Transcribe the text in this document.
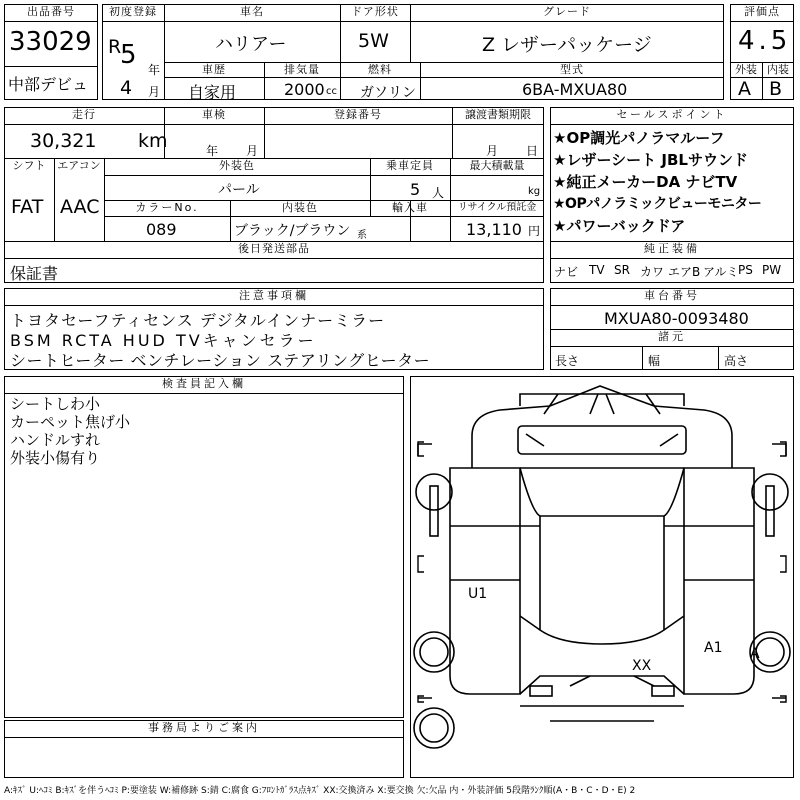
出品番号
33029
中部デビュ
初度登録
R
5 年
4 月
車名
ハリアー
ドア形状
5W
グレード
Z レザーパッケージ
車歴
自家用
排気量
2000 cc
燃料
ガソリン
型式
6BA-MXUA80
評価点
4.5
外装 内装
A B
走行
30,321 km
車検
年 月
登録番号	譲渡書類期限
月 日
シフト
FAT
エアコン
AAC
外装色
パール
乗車定員
5 人
最大積載量
kg
カラーNo.
089
内装色
ブラック/ブラウン 系
輸入車	リサイクル預託金
13,110 円
後日発送部品
保証書
セールスポイント
★OP調光パノラマルーフ
★レザーシート JBLサウンド
★純正メーカーDA ナビTV
★OPパノラミックビューモニター
★パワーバックドア
純正装備
ナビ TV SR カワ エアB アルミ PS PW
注意事項欄
トヨタセーフティセンス デジタルインナーミラー
BSM RCTA HUD TVキャンセラー
シートヒーター ベンチレーション ステアリングヒーター
車台番号
MXUA80-0093480
諸元
長さ	幅	高さ
検査員記入欄
シートしわ小
カーペット焦げ小
ハンドルすれ
外装小傷有り
事務局よりご案内
U1
XX
A1 A
A:ｷｽﾞ U:ﾍｺﾐ B:ｷｽﾞを伴うﾍｺﾐ P:要塗装 W:補修跡 S:錆 C:腐食 G:ﾌﾛﾝﾄｶﾞﾗｽ点ｷｽﾞ XX:交換済み X:要交換 欠:欠品 内・外装評価 5段階ﾗﾝｸ順(A・B・C・D・E) 2
